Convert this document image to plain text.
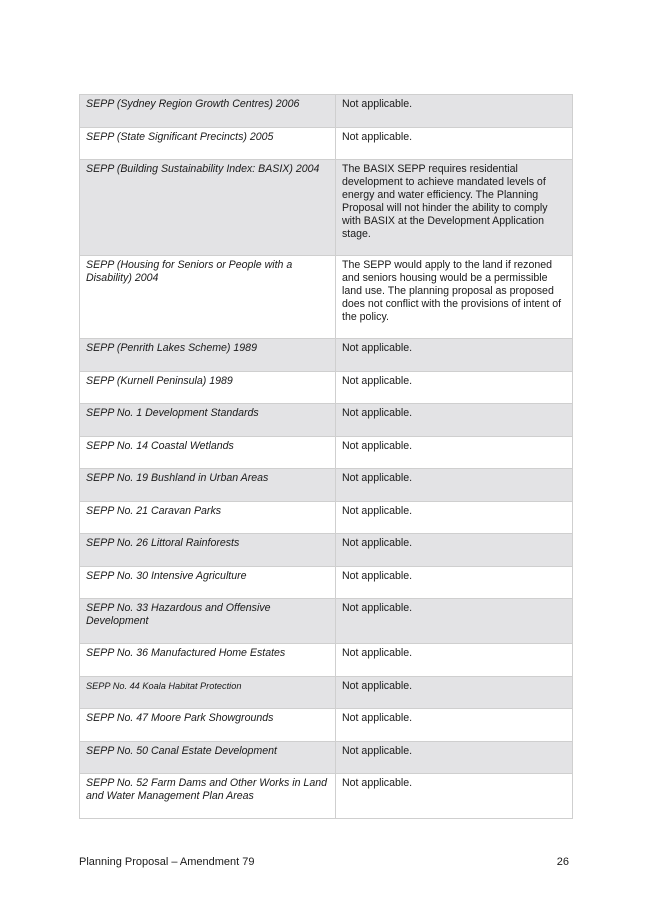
SEPP (Sydney Region Growth Centres) 2006	Not applicable.
SEPP (State Significant Precincts) 2005	Not applicable.
SEPP (Building Sustainability Index: BASIX) 2004	The BASIX SEPP requires residential development to achieve mandated levels of energy and water efficiency. The Planning Proposal will not hinder the ability to comply with BASIX at the Development Application stage.
SEPP (Housing for Seniors or People with a Disability) 2004	The SEPP would apply to the land if rezoned and seniors housing would be a permissible land use. The planning proposal as proposed does not conflict with the provisions of intent of the policy.
SEPP (Penrith Lakes Scheme) 1989	Not applicable.
SEPP (Kurnell Peninsula) 1989	Not applicable.
SEPP No. 1 Development Standards	Not applicable.
SEPP No. 14 Coastal Wetlands	Not applicable.
SEPP No. 19 Bushland in Urban Areas	Not applicable.
SEPP No. 21 Caravan Parks	Not applicable.
SEPP No. 26 Littoral Rainforests	Not applicable.
SEPP No. 30 Intensive Agriculture	Not applicable.
SEPP No. 33 Hazardous and Offensive Development	Not applicable.
SEPP No. 36 Manufactured Home Estates	Not applicable.
SEPP No. 44 Koala Habitat Protection	Not applicable.
SEPP No. 47 Moore Park Showgrounds	Not applicable.
SEPP No. 50 Canal Estate Development	Not applicable.
SEPP No. 52 Farm Dams and Other Works in Land and Water Management Plan Areas	Not applicable.
Planning Proposal – Amendment 79	26
